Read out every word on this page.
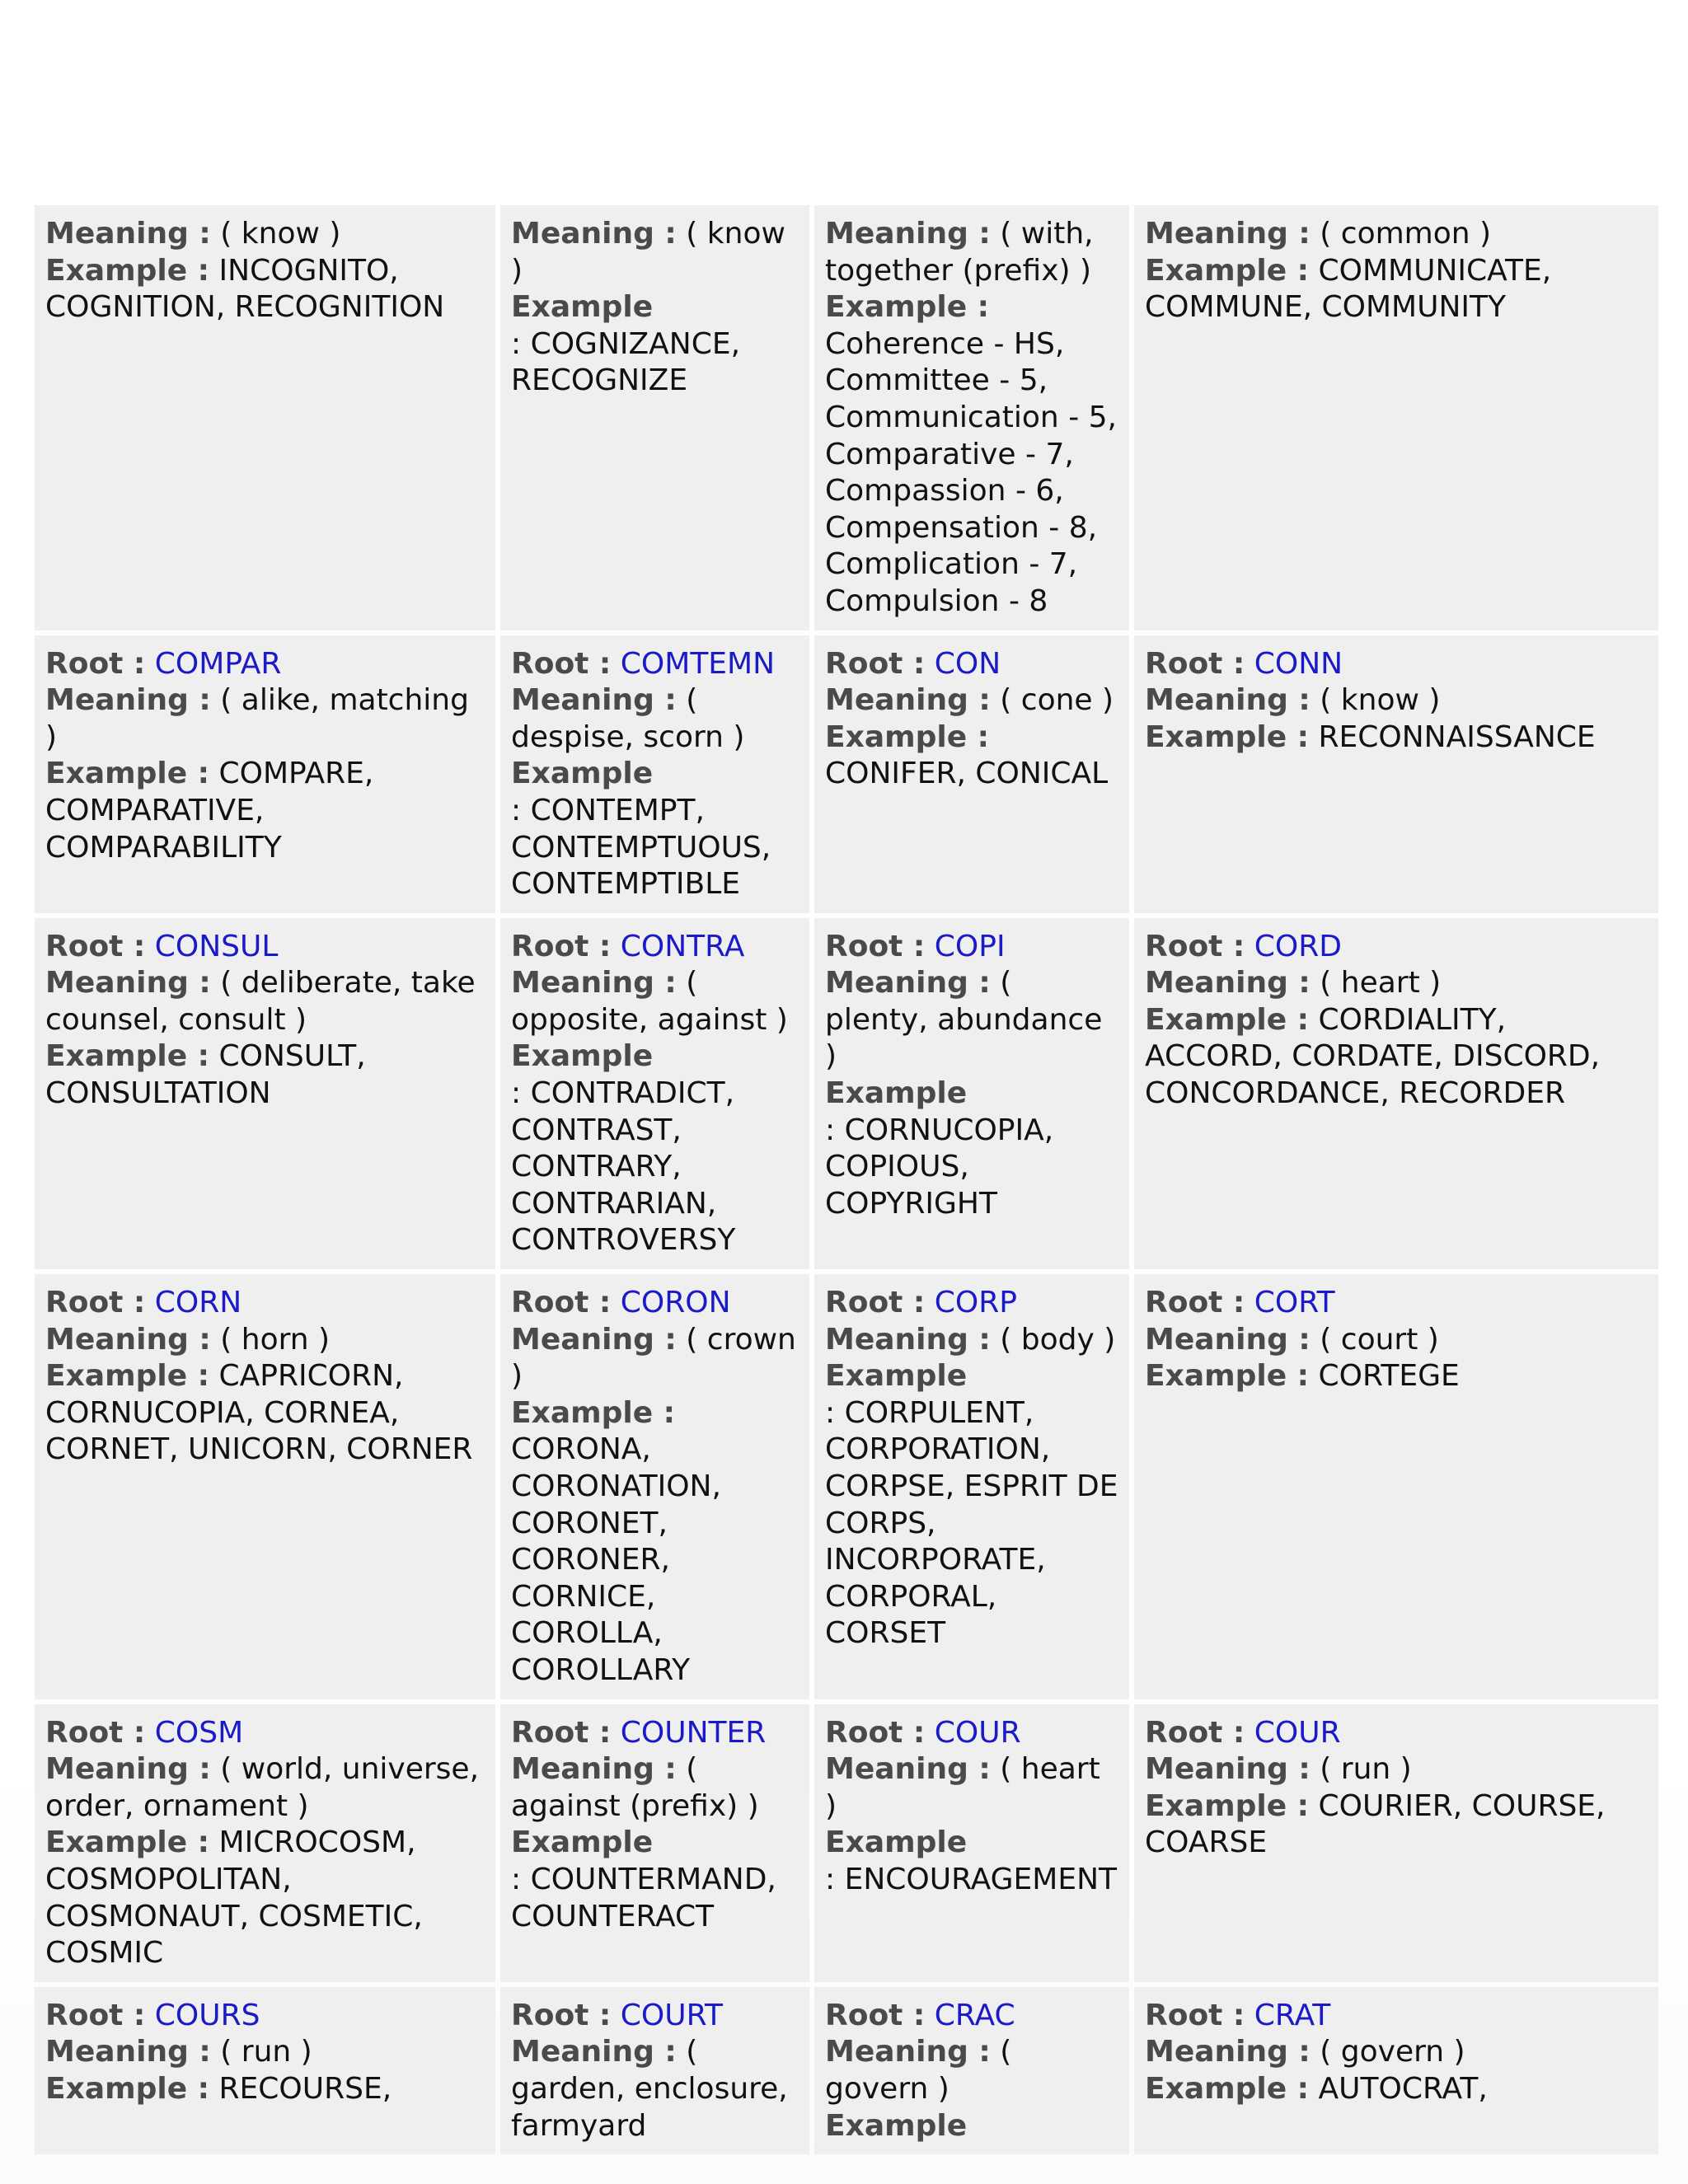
Meaning : ( know )
Example : INCOGNITO, COGNITION, RECOGNITION	Meaning : ( know )
Example
: COGNIZANCE, RECOGNIZE	Meaning : ( with, together (prefix) )
Example : Coherence - HS, Committee - 5, Communication - 5, Comparative - 7, Compassion - 6, Compensation - 8, Complication - 7, Compulsion - 8	Meaning : ( common )
Example : COMMUNICATE, COMMUNE, COMMUNITY

Root : COMPAR
Meaning : ( alike, matching )
Example : COMPARE, COMPARATIVE, COMPARABILITY	Root : COMTEMN
Meaning : ( despise, scorn )
Example
: CONTEMPT, CONTEMPTUOUS, CONTEMPTIBLE	Root : CON
Meaning : ( cone )
Example : CONIFER, CONICAL	Root : CONN
Meaning : ( know )
Example : RECONNAISSANCE

Root : CONSUL
Meaning : ( deliberate, take counsel, consult )
Example : CONSULT, CONSULTATION	Root : CONTRA
Meaning : ( opposite, against )
Example
: CONTRADICT, CONTRAST, CONTRARY, CONTRARIAN, CONTROVERSY	Root : COPI
Meaning : ( plenty, abundance )
Example
: CORNUCOPIA, COPIOUS, COPYRIGHT	Root : CORD
Meaning : ( heart )
Example : CORDIALITY, ACCORD, CORDATE, DISCORD, CONCORDANCE, RECORDER

Root : CORN
Meaning : ( horn )
Example : CAPRICORN, CORNUCOPIA, CORNEA, CORNET, UNICORN, CORNER	Root : CORON
Meaning : ( crown )
Example : CORONA, CORONATION, CORONET, CORONER, CORNICE, COROLLA, COROLLARY	Root : CORP
Meaning : ( body )
Example
: CORPULENT, CORPORATION, CORPSE, ESPRIT DE CORPS, INCORPORATE, CORPORAL, CORSET	Root : CORT
Meaning : ( court )
Example : CORTEGE

Root : COSM
Meaning : ( world, universe, order, ornament )
Example : MICROCOSM, COSMOPOLITAN, COSMONAUT, COSMETIC, COSMIC	Root : COUNTER
Meaning : ( against (prefix) )
Example
: COUNTERMAND, COUNTERACT	Root : COUR
Meaning : ( heart )
Example
: ENCOURAGEMENT	Root : COUR
Meaning : ( run )
Example : COURIER, COURSE, COARSE

Root : COURS
Meaning : ( run )
Example : RECOURSE,	Root : COURT
Meaning : ( garden, enclosure, farmyard	Root : CRAC
Meaning : ( govern )
Example	Root : CRAT
Meaning : ( govern )
Example : AUTOCRAT,
